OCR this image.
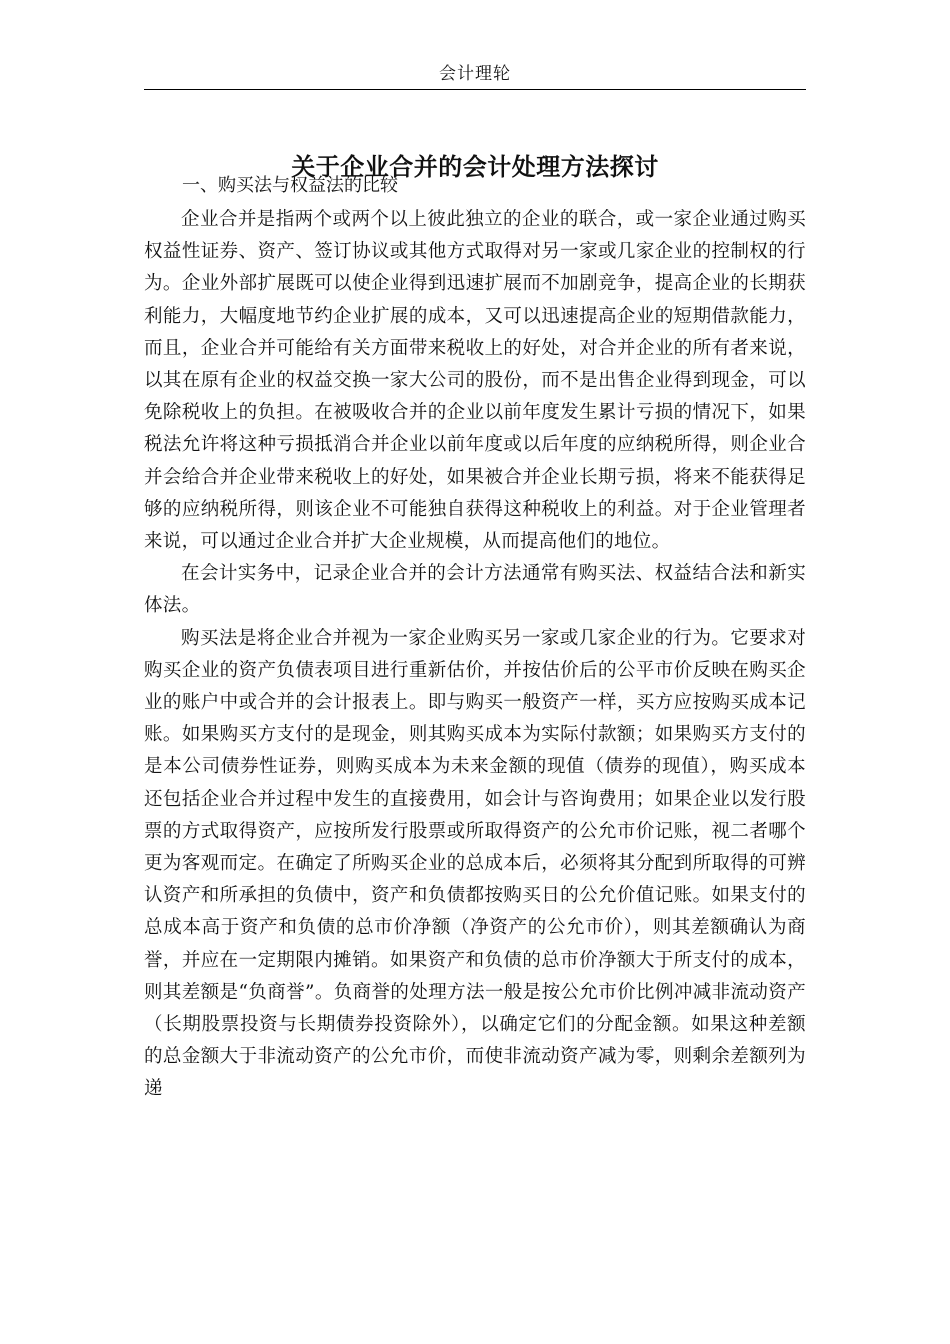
会计理轮
关于企业合并的会计处理方法探讨
一、购买法与权益法的比较

企业合并是指两个或两个以上彼此独立的企业的联合，或一家企业通过购买权益性证券、资产、签订协议或其他方式取得对另一家或几家企业的控制权的行为。企业外部扩展既可以使企业得到迅速扩展而不加剧竞争，提高企业的长期获利能力，大幅度地节约企业扩展的成本，又可以迅速提高企业的短期借款能力，而且，企业合并可能给有关方面带来税收上的好处，对合并企业的所有者来说，以其在原有企业的权益交换一家大公司的股份，而不是出售企业得到现金，可以免除税收上的负担。在被吸收合并的企业以前年度发生累计亏损的情况下，如果税法允许将这种亏损抵消合并企业以前年度或以后年度的应纳税所得，则企业合并会给合并企业带来税收上的好处，如果被合并企业长期亏损，将来不能获得足够的应纳税所得，则该企业不可能独自获得这种税收上的利益。对于企业管理者来说，可以通过企业合并扩大企业规模，从而提高他们的地位。

在会计实务中，记录企业合并的会计方法通常有购买法、权益结合法和新实体法。

购买法是将企业合并视为一家企业购买另一家或几家企业的行为。它要求对购买企业的资产负债表项目进行重新估价，并按估价后的公平市价反映在购买企业的账户中或合并的会计报表上。即与购买一般资产一样，买方应按购买成本记账。如果购买方支付的是现金，则其购买成本为实际付款额；如果购买方支付的是本公司债券性证券，则购买成本为未来金额的现值（债券的现值），购买成本还包括企业合并过程中发生的直接费用，如会计与咨询费用；如果企业以发行股票的方式取得资产，应按所发行股票或所取得资产的公允市价记账，视二者哪个更为客观而定。在确定了所购买企业的总成本后，必须将其分配到所取得的可辨认资产和所承担的负债中，资产和负债都按购买日的公允价值记账。如果支付的总成本高于资产和负债的总市价净额（净资产的公允市价），则其差额确认为商誉，并应在一定期限内摊销。如果资产和负债的总市价净额大于所支付的成本，则其差额是“负商誉”。负商誉的处理方法一般是按公允市价比例冲减非流动资产（长期股票投资与长期债券投资除外），以确定它们的分配金额。如果这种差额的总金额大于非流动资产的公允市价，而使非流动资产减为零，则剩余差额列为递
